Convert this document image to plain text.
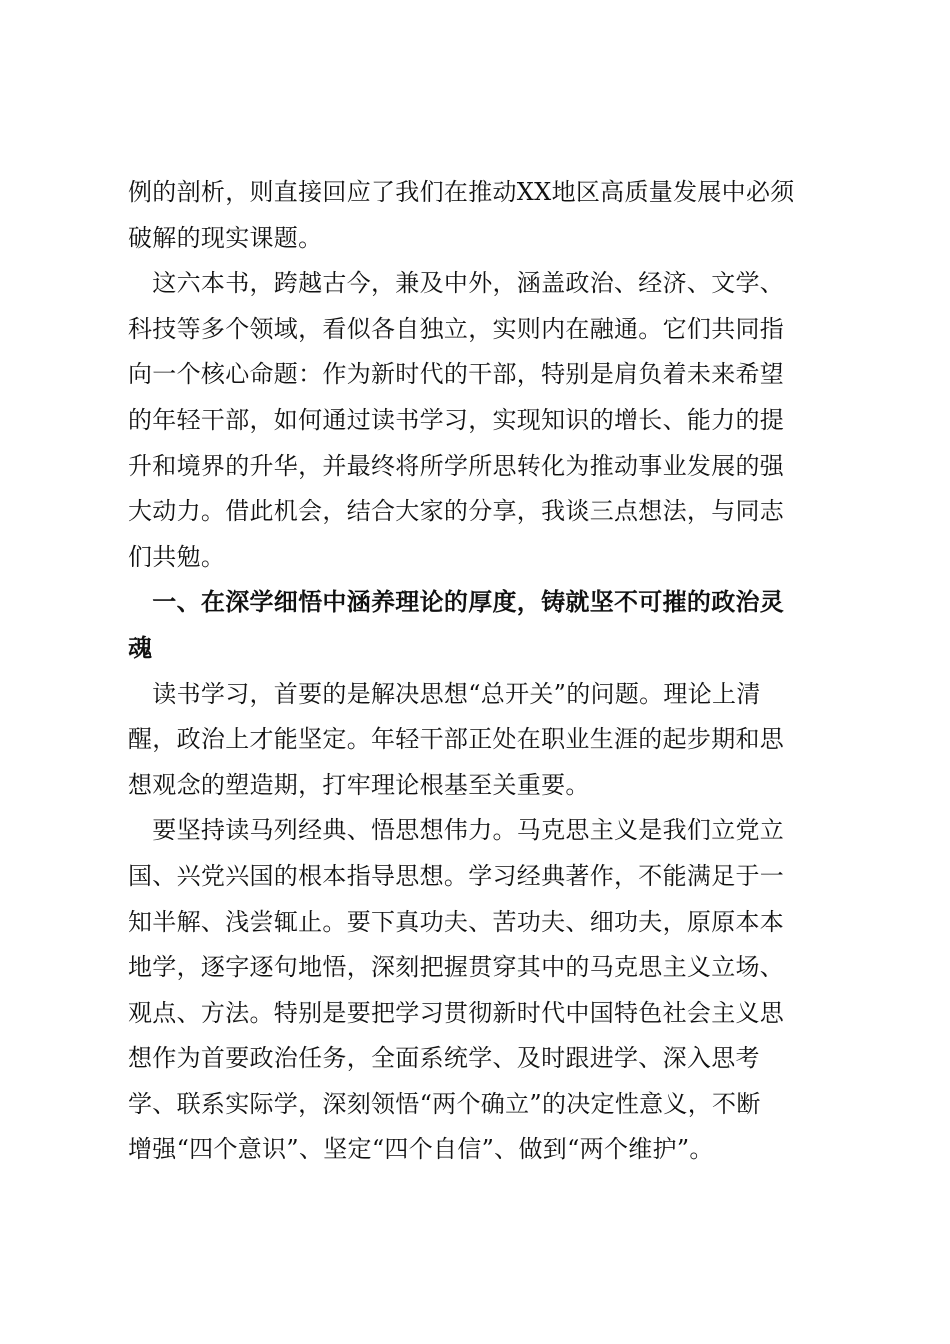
例的剖析，则直接回应了我们在推动XX地区高质量发展中必须
破解的现实课题。
　这六本书，跨越古今，兼及中外，涵盖政治、经济、文学、
科技等多个领域，看似各自独立，实则内在融通。它们共同指
向一个核心命题：作为新时代的干部，特别是肩负着未来希望
的年轻干部，如何通过读书学习，实现知识的增长、能力的提
升和境界的升华，并最终将所学所思转化为推动事业发展的强
大动力。借此机会，结合大家的分享，我谈三点想法，与同志
们共勉。
　一、在深学细悟中涵养理论的厚度，铸就坚不可摧的政治灵
魂
　读书学习，首要的是解决思想“总开关”的问题。理论上清
醒，政治上才能坚定。年轻干部正处在职业生涯的起步期和思
想观念的塑造期，打牢理论根基至关重要。
　要坚持读马列经典、悟思想伟力。马克思主义是我们立党立
国、兴党兴国的根本指导思想。学习经典著作，不能满足于一
知半解、浅尝辄止。要下真功夫、苦功夫、细功夫，原原本本
地学，逐字逐句地悟，深刻把握贯穿其中的马克思主义立场、
观点、方法。特别是要把学习贯彻新时代中国特色社会主义思
想作为首要政治任务，全面系统学、及时跟进学、深入思考
学、联系实际学，深刻领悟“两个确立”的决定性意义，不断
增强“四个意识”、坚定“四个自信”、做到“两个维护”。
